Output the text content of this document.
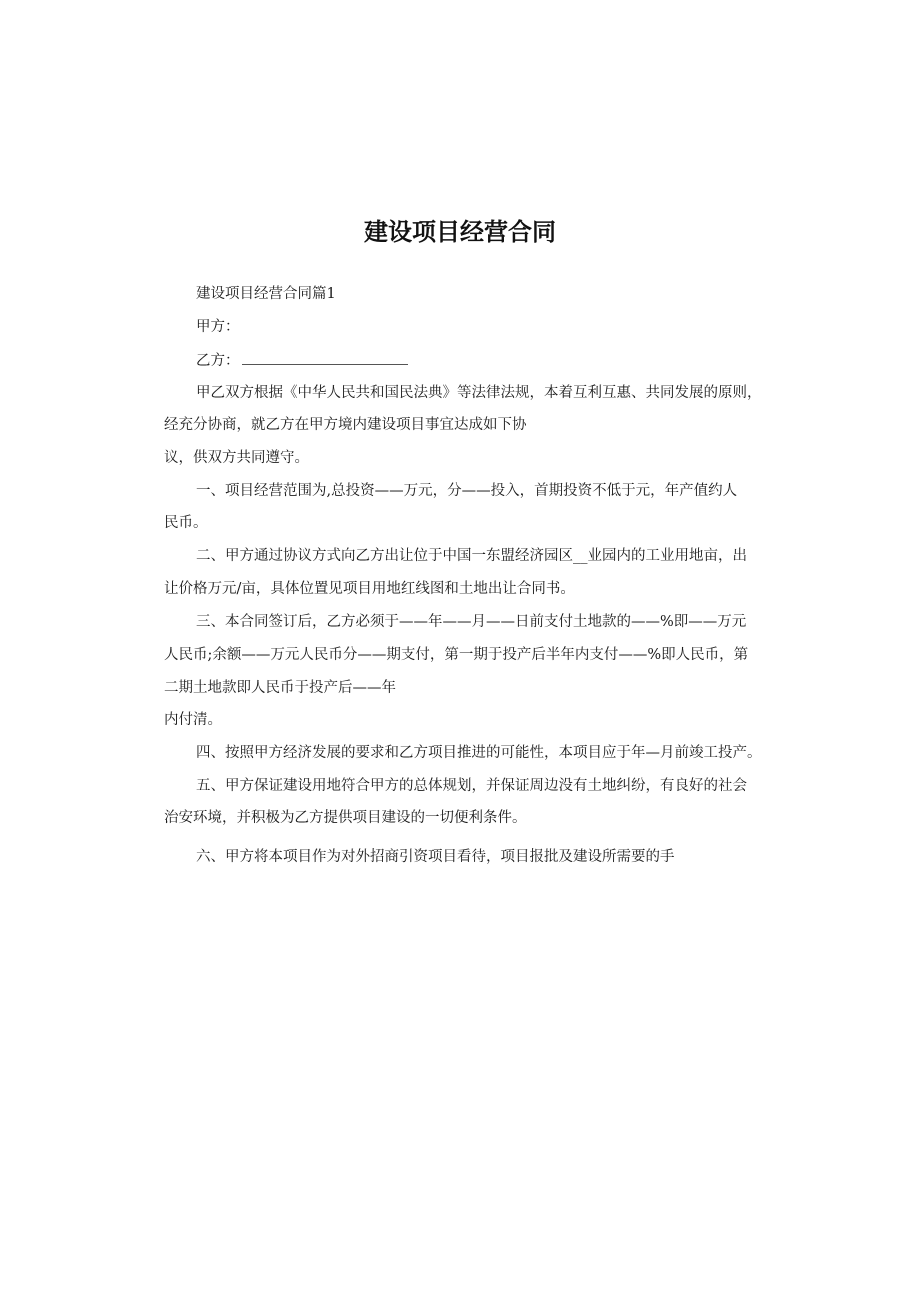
建设项目经营合同
建设项目经营合同篇1
甲方：
乙方：
甲乙双方根据《中华人民共和国民法典》等法律法规，本着互利互惠、共同发展的原则，
经充分协商，就乙方在甲方境内建设项目事宜达成如下协
议，供双方共同遵守。
一、项目经营范围为,总投资——万元，分——投入，首期投资不低于元，年产值约人
民币。
二、甲方通过协议方式向乙方出让位于中国一东盟经济园区__业园内的工业用地亩，出
让价格万元/亩，具体位置见项目用地红线图和土地出让合同书。
三、本合同签订后，乙方必须于——年——月——日前支付土地款的——%即——万元
人民币;余额——万元人民币分——期支付，第一期于投产后半年内支付——%即人民币，第
二期土地款即人民币于投产后——年
内付清。
四、按照甲方经济发展的要求和乙方项目推进的可能性，本项目应于年—月前竣工投产。
五、甲方保证建设用地符合甲方的总体规划，并保证周边没有土地纠纷，有良好的社会
治安环境，并积极为乙方提供项目建设的一切便利条件。
六、甲方将本项目作为对外招商引资项目看待，项目报批及建设所需要的手
